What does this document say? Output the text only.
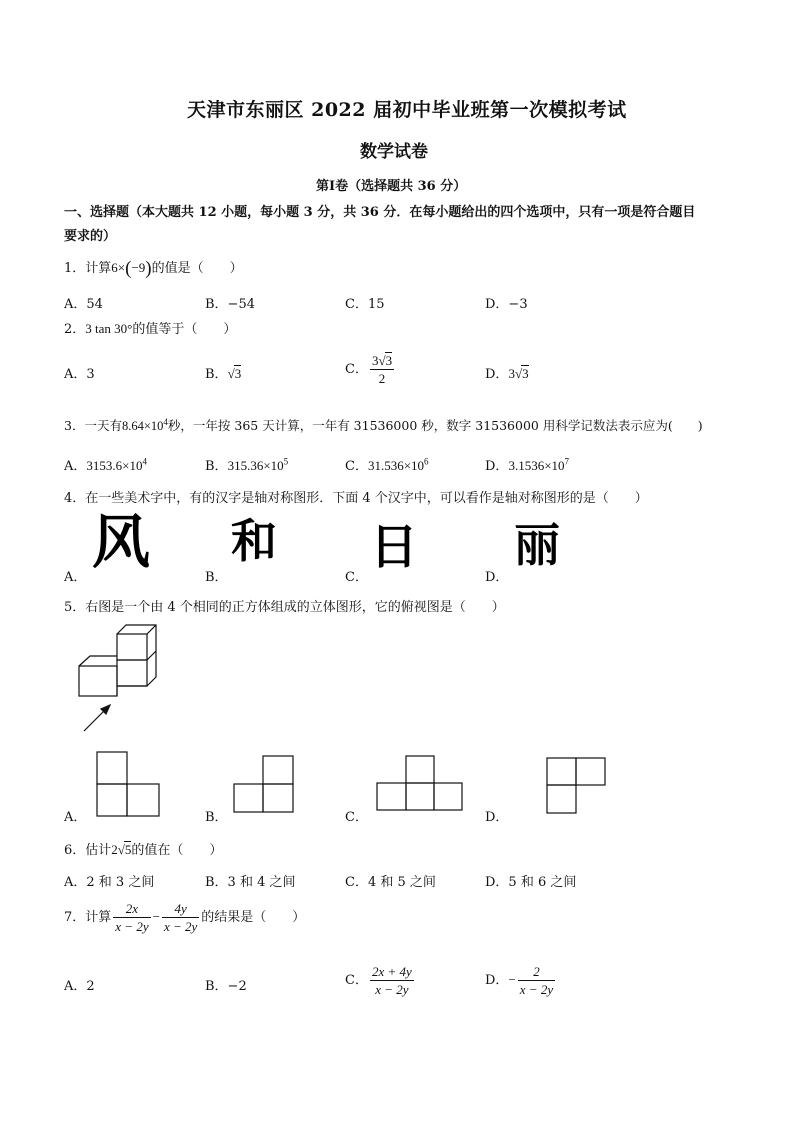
天津市东丽区 2022 届初中毕业班第一次模拟考试
数学试卷
第Ⅰ卷（选择题共 36 分）
一、选择题（本大题共 12 小题，每小题 3 分，共 36 分．在每小题给出的四个选项中，只有一项是符合题目
要求的）
1．计算6×(−9)的值是（　　）
A．54	B．−54	C．15	D．−3
2．3 tan 30°的值等于（　　）
A．3	B．√3	C． $\frac{3√3}{2}$	D．3√3
3．一天有$8.64\times 10^4$秒，一年按 365 天计算，一年有 31536000 秒，数字 31536000 用科学记数法表示应为(　　)
A．$3153.6\times 10^4$	B．$315.36\times 10^5$	C．$31.536\times 10^6$	D．$3.1536\times 10^7$
4．在一些美术字中，有的汉字是轴对称图形．下面 4 个汉字中，可以看作是轴对称图形的是（　　）
A．
风
B．
和
C．
日
D．
丽
5．右图是一个由 4 个相同的正方体组成的立体图形，它的俯视图是（　　）
A．	B．	C．	D．
6．估计2√5的值在（　　）
A．2 和 3 之间	B．3 和 4 之间	C．4 和 5 之间	D．5 和 6 之间
7．计算 $\frac{2x}{x - 2y} - \frac{4y}{x - 2y}$ 的结果是（　　）
A．2	B．−2	C． $\frac{2x + 4y}{x - 2y}$	D．− $\frac{2}{x - 2y}$
